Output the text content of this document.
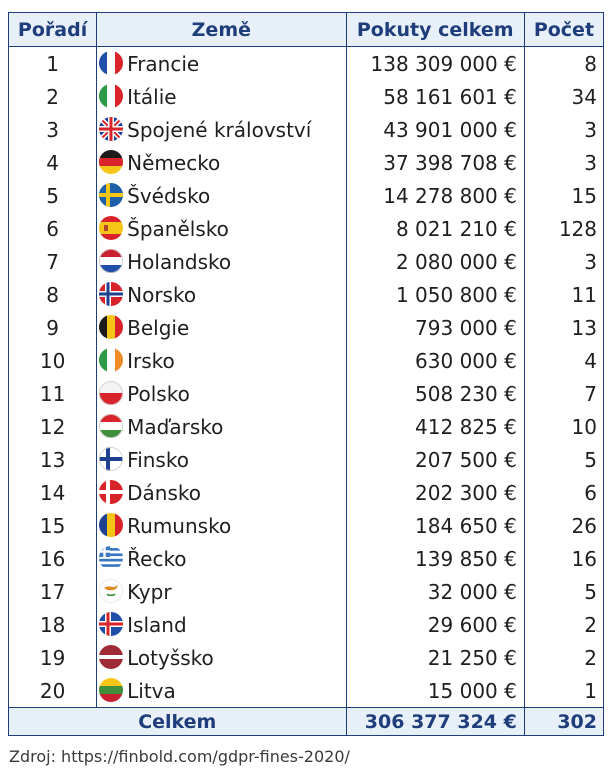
Pořadí	Země	Pokuty celkem	Počet
1	Francie	138 309 000 €	8
2	Itálie	58 161 601 €	34
3	Spojené království	43 901 000 €	3
4	Německo	37 398 708 €	3
5	Švédsko	14 278 800 €	15
6	Španělsko	8 021 210 €	128
7	Holandsko	2 080 000 €	3
8	Norsko	1 050 800 €	11
9	Belgie	793 000 €	13
10	Irsko	630 000 €	4
11	Polsko	508 230 €	7
12	Maďarsko	412 825 €	10
13	Finsko	207 500 €	5
14	Dánsko	202 300 €	6
15	Rumunsko	184 650 €	26
16	Řecko	139 850 €	16
17	Kypr	32 000 €	5
18	Island	29 600 €	2
19	Lotyšsko	21 250 €	2
20	Litva	15 000 €	1
Celkem		306 377 324 €	302
Zdroj: https://finbold.com/gdpr-fines-2020/
